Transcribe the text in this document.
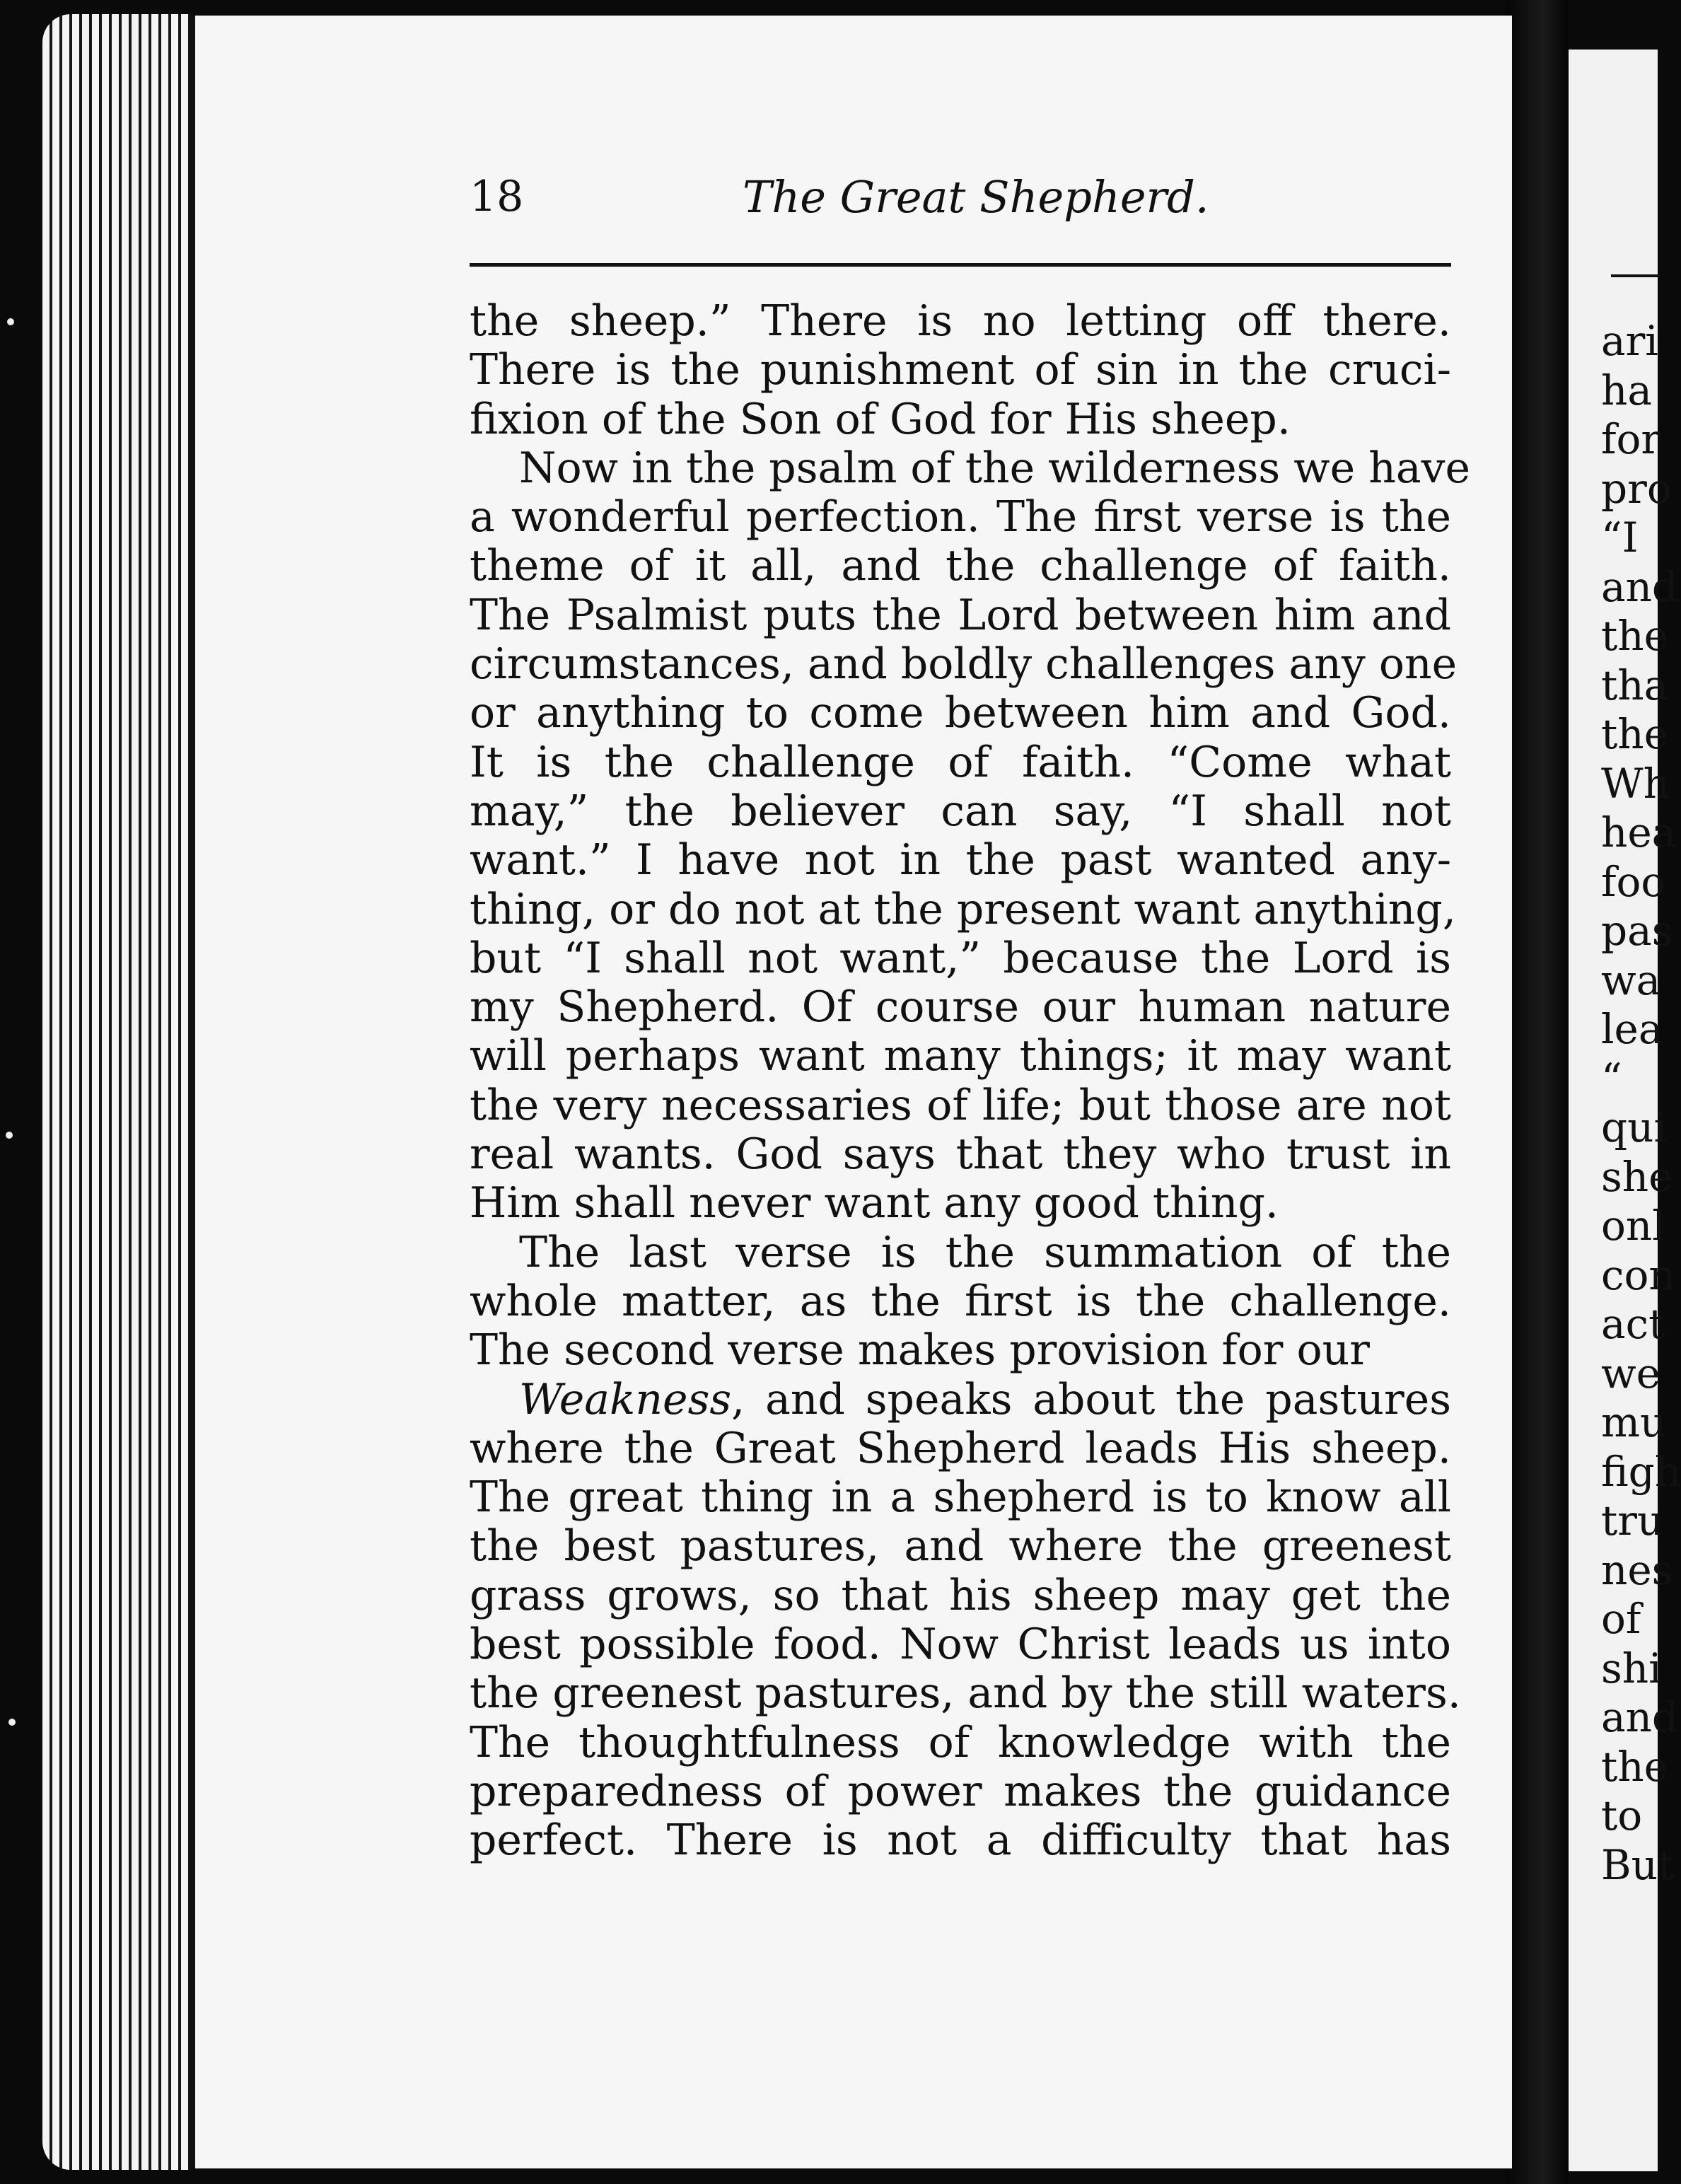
ari
ha
for
pro
“I
and
the
tha
the
Wh
hea
foo
pas
wa
lea
“
qui
she
onl
con
act
we
mu
figh
tru
nes
of
shi
and
the
to
But
18	The Great Shepherd.
the sheep.” There is no letting off there.
There is the punishment of sin in the cruci-
fixion of the Son of God for His sheep.
Now in the psalm of the wilderness we have
a wonderful perfection. The first verse is the
theme of it all, and the challenge of faith.
The Psalmist puts the Lord between him and
circumstances, and boldly challenges any one
or anything to come between him and God.
It is the challenge of faith. “Come what
may,” the believer can say, “I shall not
want.” I have not in the past wanted any-
thing, or do not at the present want anything,
but “I shall not want,” because the Lord is
my Shepherd. Of course our human nature
will perhaps want many things; it may want
the very necessaries of life; but those are not
real wants. God says that they who trust in
Him shall never want any good thing.
The last verse is the summation of the
whole matter, as the first is the challenge.
The second verse makes provision for our
Weakness, and speaks about the pastures
where the Great Shepherd leads His sheep.
The great thing in a shepherd is to know all
the best pastures, and where the greenest
grass grows, so that his sheep may get the
best possible food. Now Christ leads us into
the greenest pastures, and by the still waters.
The thoughtfulness of knowledge with the
preparedness of power makes the guidance
perfect. There is not a difficulty that has
